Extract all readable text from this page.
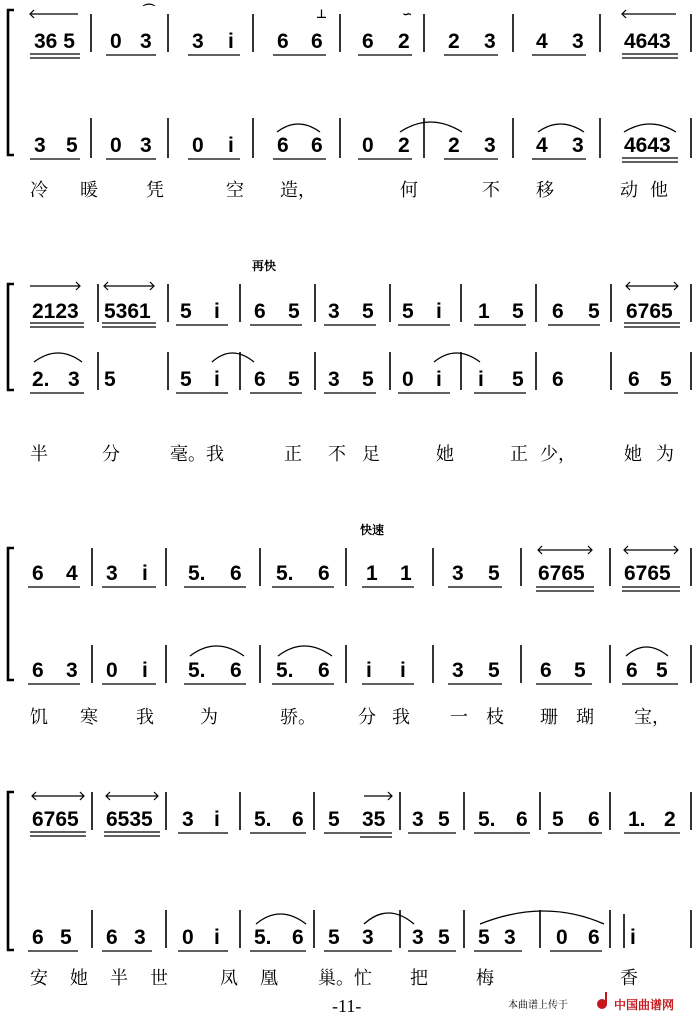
36 5 0 3 3 i 6 6 6 2 2 3 4 3 4643
⌒	⊥	∽
3 5 0 3 0 i 6 6 0 2 2 3 4 3 4643
冷 暖	凭	空 造，	何	不 移	动 他
再快
2123 5361 5 i 6 5 3 5 5 i 1 5 6 5 6765
2. 3 5	5 i 6 5 3 5 0 i i 5 6	6 5
半	分	毫。我	正 不 足	她	正 少，	她 为
快速
6 4 3 i 5. 6 5. 6 1 1 3 5 6765 6765
6 3 0 i 5. 6 5. 6 i i 3 5 6 5 6 5
饥 寒 我	为	骄。 分 我 一 枝 珊 瑚 宝，
6765 6535 3 i 5. 6 5 35 3 5 5. 6 5 6 1. 2
6 5 6 3 0 i 5. 6 5 3 3 5 5 3 0 6 i
安 她 半 世	凤 凰 巢。忙 把	梅	香
-11-	本曲谱上传于	中国曲谱网
